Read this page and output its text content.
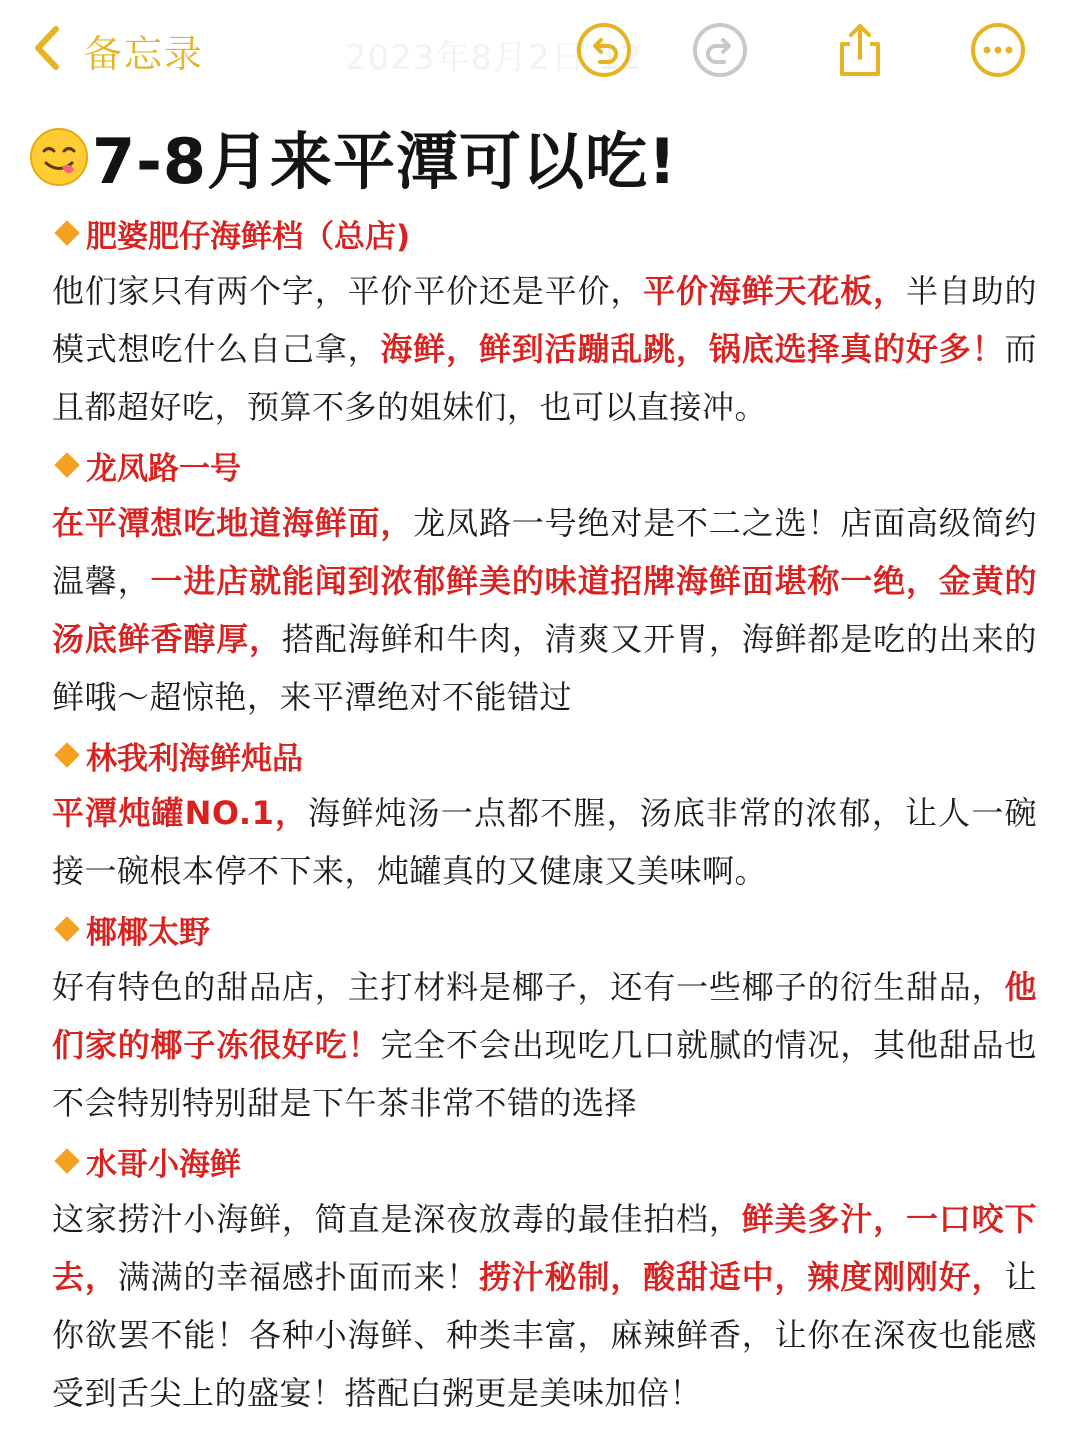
备忘录	2023年8月2日 12
7-8月来平潭可以吃!
肥婆肥仔海鲜档（总店)
他们家只有两个字，平价平价还是平价，平价海鲜天花板，半自助的模式想吃什么自己拿，海鲜，鲜到活蹦乱跳，锅底选择真的好多！而且都超好吃，预算不多的姐妹们，也可以直接冲。
龙凤路一号
在平潭想吃地道海鲜面，龙凤路一号绝对是不二之选！店面高级简约温馨，一进店就能闻到浓郁鲜美的味道招牌海鲜面堪称一绝，金黄的汤底鲜香醇厚，搭配海鲜和牛肉，清爽又开胃，海鲜都是吃的出来的鲜哦～超惊艳，来平潭绝对不能错过
林我利海鲜炖品
平潭炖罐NO.1，海鲜炖汤一点都不腥，汤底非常的浓郁，让人一碗接一碗根本停不下来，炖罐真的又健康又美味啊。
椰椰太野
好有特色的甜品店，主打材料是椰子，还有一些椰子的衍生甜品，他们家的椰子冻很好吃！完全不会出现吃几口就腻的情况，其他甜品也不会特别特别甜是下午茶非常不错的选择
水哥小海鲜
这家捞汁小海鲜，简直是深夜放毒的最佳拍档，鲜美多汁，一口咬下去，满满的幸福感扑面而来！捞汁秘制，酸甜适中，辣度刚刚好，让你欲罢不能！各种小海鲜、种类丰富，麻辣鲜香，让你在深夜也能感受到舌尖上的盛宴！搭配白粥更是美味加倍！
